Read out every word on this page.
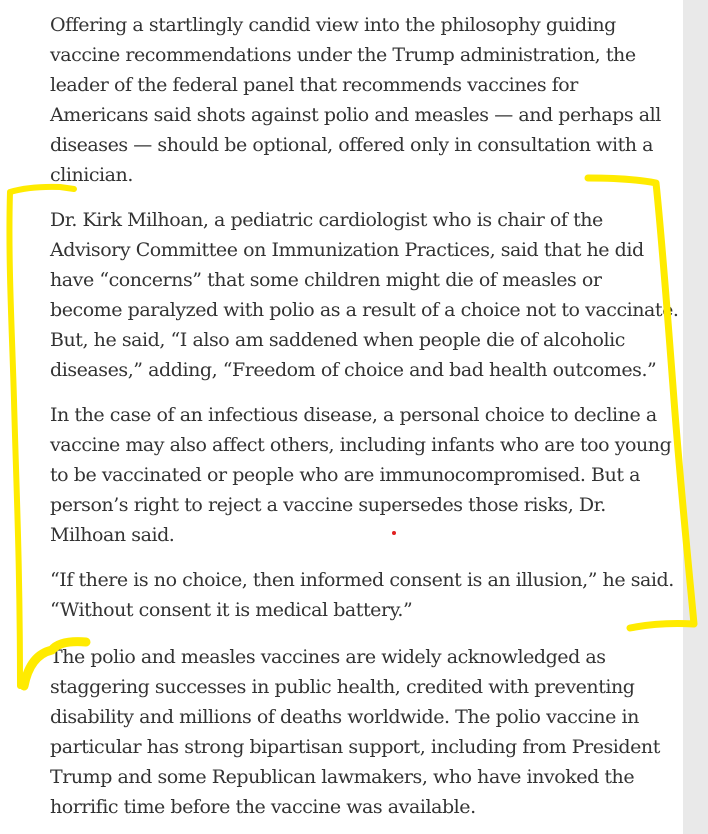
Offering a startlingly candid view into the philosophy guiding
vaccine recommendations under the Trump administration, the
leader of the federal panel that recommends vaccines for
Americans said shots against polio and measles — and perhaps all
diseases — should be optional, offered only in consultation with a
clinician.

Dr. Kirk Milhoan, a pediatric cardiologist who is chair of the
Advisory Committee on Immunization Practices, said that he did
have “concerns” that some children might die of measles or
become paralyzed with polio as a result of a choice not to vaccinate.
But, he said, “I also am saddened when people die of alcoholic
diseases,” adding, “Freedom of choice and bad health outcomes.”

In the case of an infectious disease, a personal choice to decline a
vaccine may also affect others, including infants who are too young
to be vaccinated or people who are immunocompromised. But a
person’s right to reject a vaccine supersedes those risks, Dr.
Milhoan said.

“If there is no choice, then informed consent is an illusion,” he said.
“Without consent it is medical battery.”

The polio and measles vaccines are widely acknowledged as
staggering successes in public health, credited with preventing
disability and millions of deaths worldwide. The polio vaccine in
particular has strong bipartisan support, including from President
Trump and some Republican lawmakers, who have invoked the
horrific time before the vaccine was available.
